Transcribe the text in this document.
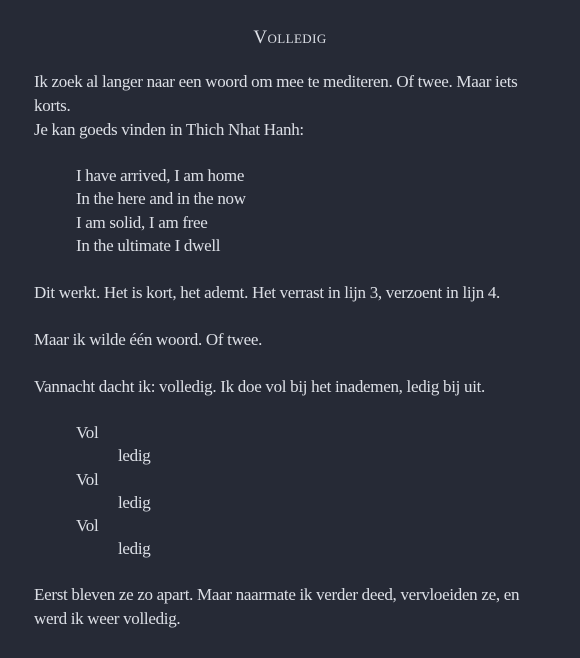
Volledig

Ik zoek al langer naar een woord om mee te mediteren. Of twee. Maar iets korts.

Je kan goeds vinden in Thich Nhat Hanh:

I have arrived, I am home
In the here and in the now
I am solid, I am free
In the ultimate I dwell

Dit werkt. Het is kort, het ademt. Het verrast in lijn 3, verzoent in lijn 4.

Maar ik wilde één woord. Of twee.

Vannacht dacht ik: volledig. Ik doe vol bij het inademen, ledig bij uit.

Vol
ledig
Vol
ledig
Vol
ledig

Eerst bleven ze zo apart. Maar naarmate ik verder deed, vervloeiden ze, en werd ik weer volledig.
